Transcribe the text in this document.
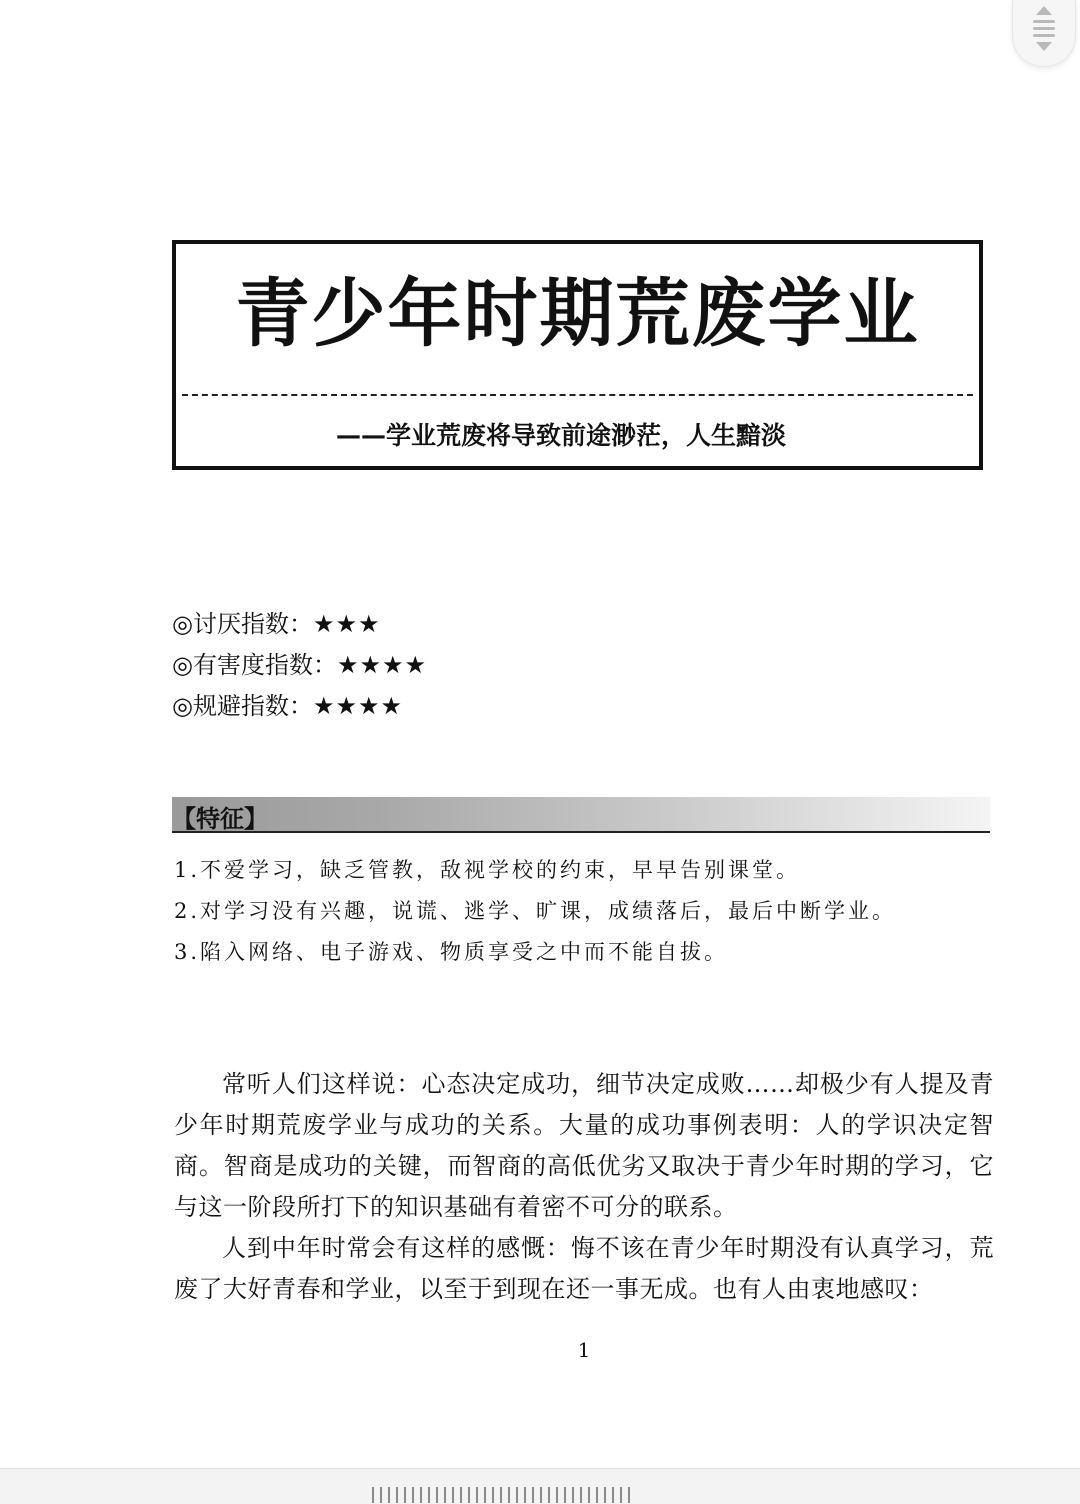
青少年时期荒废学业
——学业荒废将导致前途渺茫，人生黯淡
◎讨厌指数：★★★
◎有害度指数：★★★★
◎规避指数：★★★★
【特征】
1.不爱学习，缺乏管教，敌视学校的约束，早早告别课堂。
2.对学习没有兴趣，说谎、逃学、旷课，成绩落后，最后中断学业。
3.陷入网络、电子游戏、物质享受之中而不能自拔。

常听人们这样说：心态决定成功，细节决定成败……却极少有人提及青少年时期荒废学业与成功的关系。大量的成功事例表明：人的学识决定智商。智商是成功的关键，而智商的高低优劣又取决于青少年时期的学习，它与这一阶段所打下的知识基础有着密不可分的联系。

人到中年时常会有这样的感慨：悔不该在青少年时期没有认真学习，荒废了大好青春和学业，以至于到现在还一事无成。也有人由衷地感叹：

1
